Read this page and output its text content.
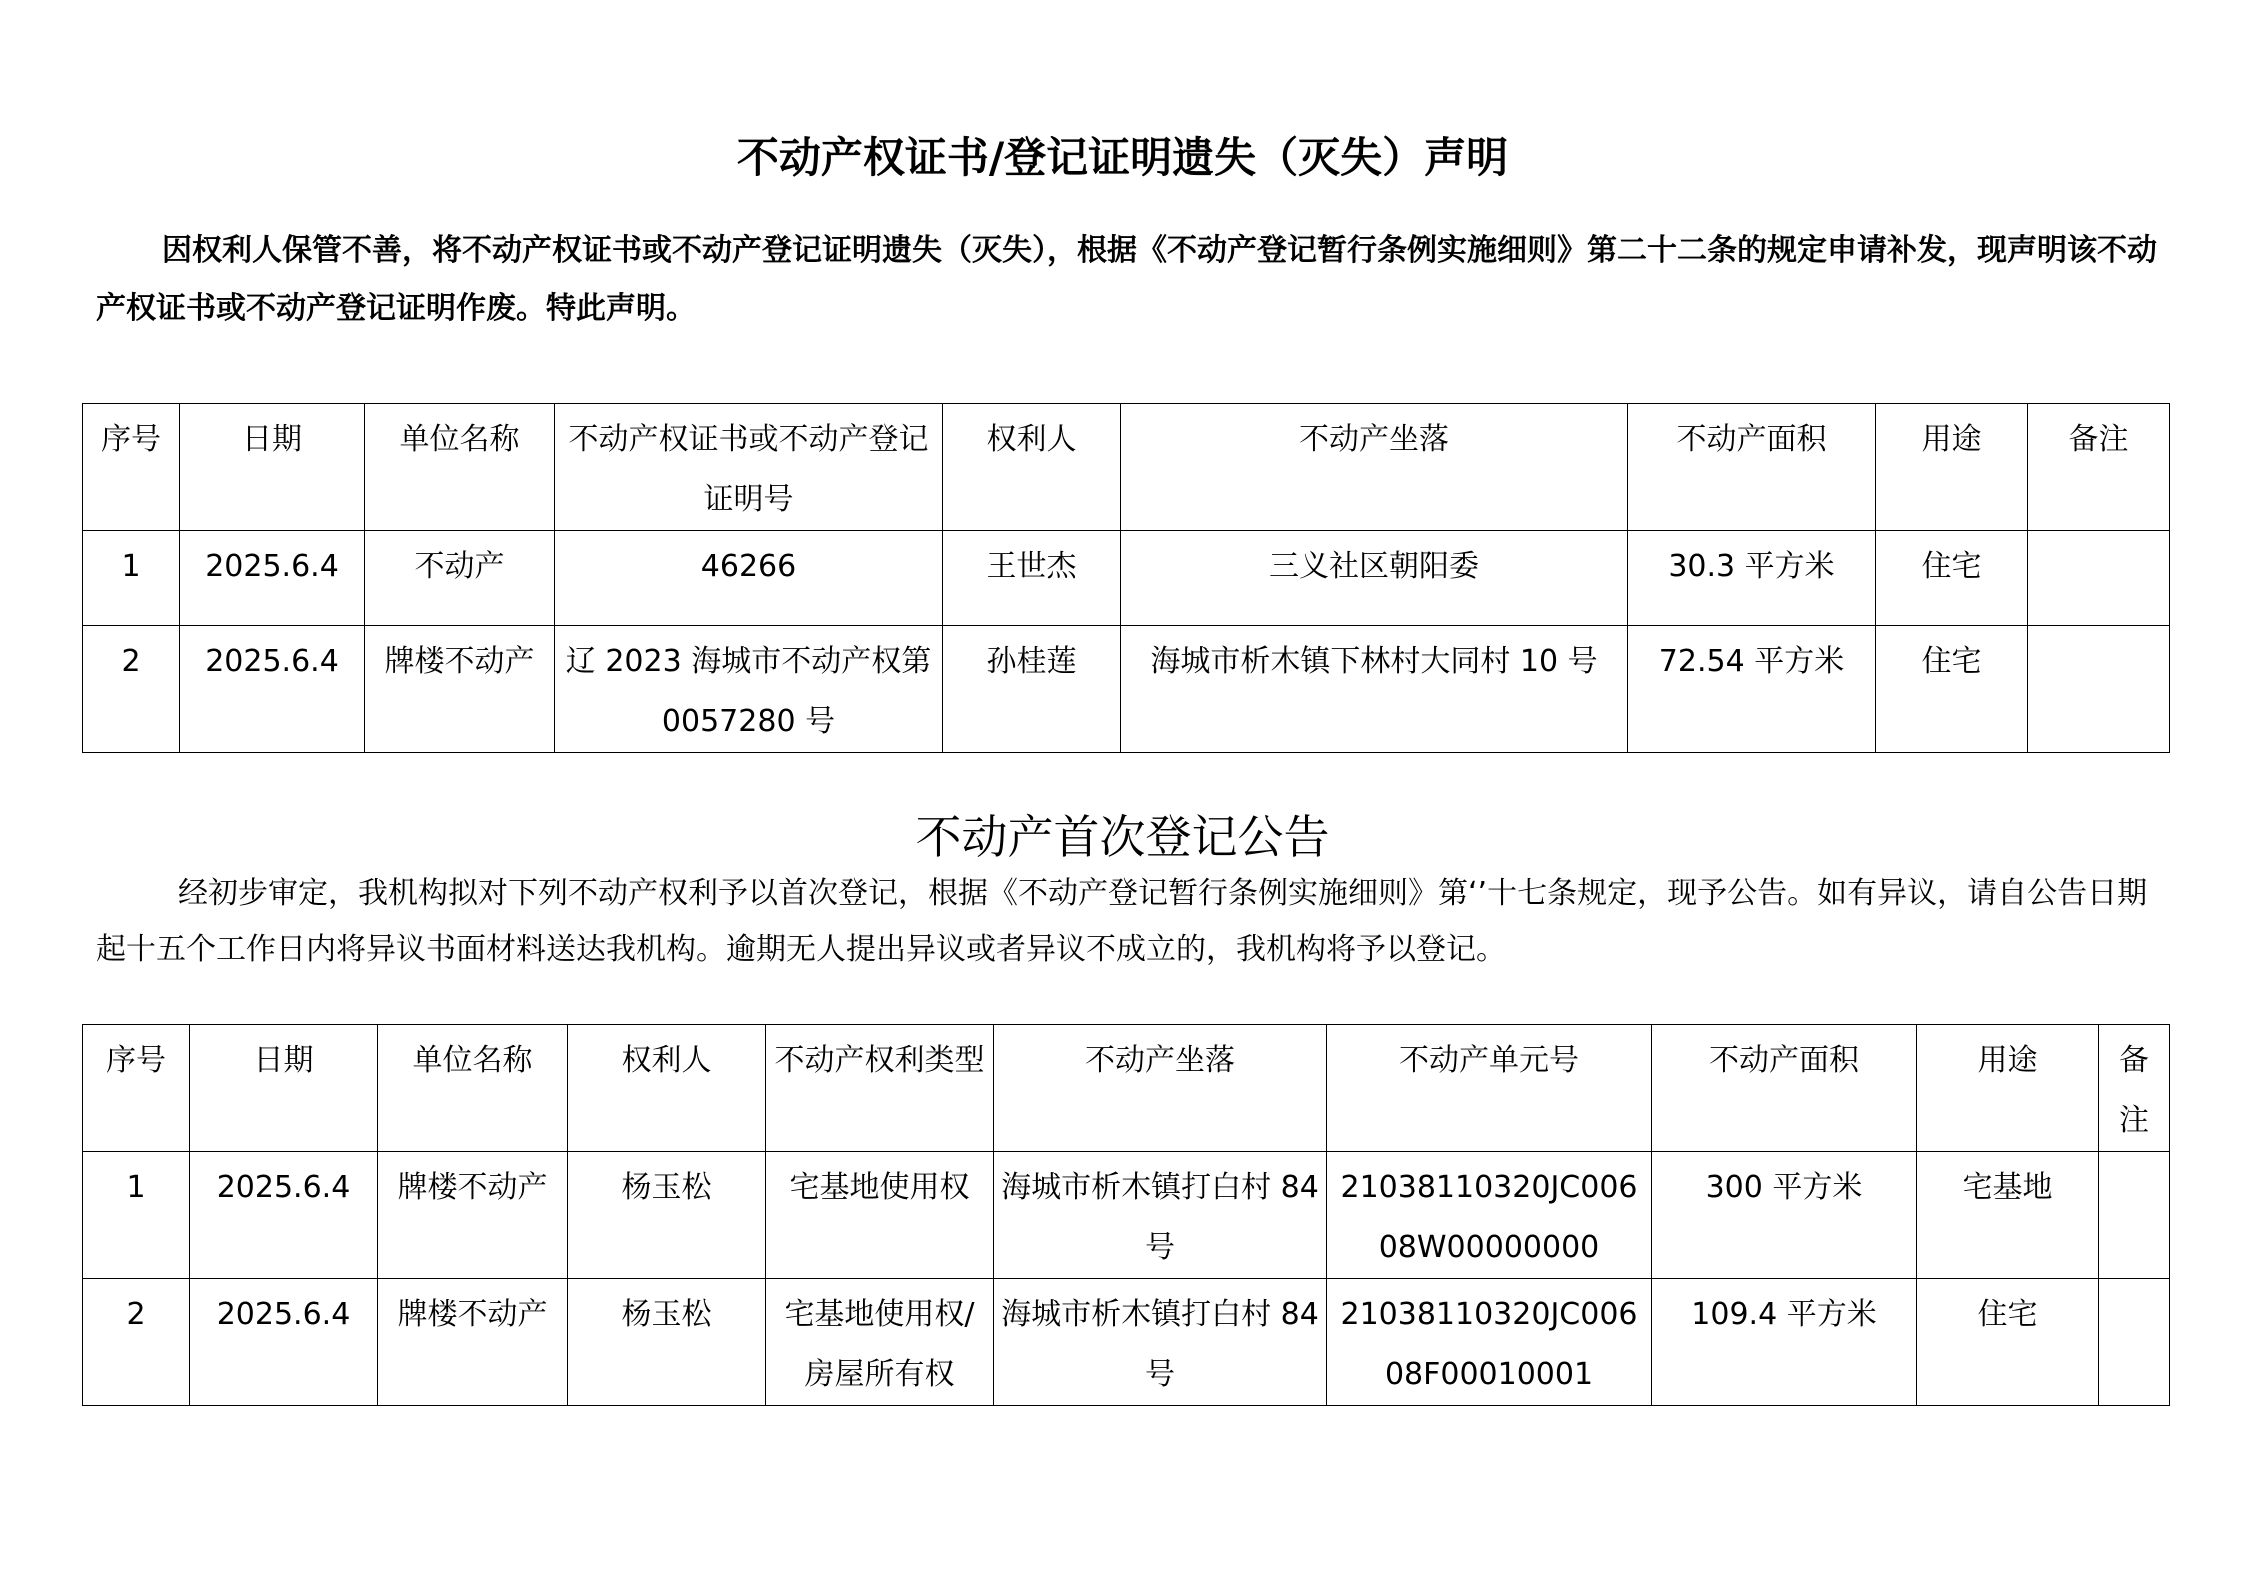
不动产权证书/登记证明遗失（灭失）声明

因权利人保管不善，将不动产权证书或不动产登记证明遗失（灭失），根据《不动产登记暂行条例实施细则》第二十二条的规定申请补发，现声明该不动产权证书或不动产登记证明作废。特此声明。

序号	日期	单位名称	不动产权证书或不动产登记证明号	权利人	不动产坐落	不动产面积	用途	备注
1	2025.6.4	不动产	46266	王世杰	三义社区朝阳委	30.3 平方米	住宅	
2	2025.6.4	牌楼不动产	辽 2023 海城市不动产权第 0057280 号	孙桂莲	海城市析木镇下林村大同村 10 号	72.54 平方米	住宅	
不动产首次登记公告

经初步审定，我机构拟对下列不动产权利予以首次登记，根据《不动产登记暂行条例实施细则》第‘’十七条规定，现予公告。如有异议，请自公告日期起十五个工作日内将异议书面材料送达我机构。逾期无人提出异议或者异议不成立的，我机构将予以登记。

序号	日期	单位名称	权利人	不动产权利类型	不动产坐落	不动产单元号	不动产面积	用途	备注
1	2025.6.4	牌楼不动产	杨玉松	宅基地使用权	海城市析木镇打白村 84 号	21038110320JC00608W00000000	300 平方米	宅基地	
2	2025.6.4	牌楼不动产	杨玉松	宅基地使用权/房屋所有权	海城市析木镇打白村 84 号	21038110320JC00608F00010001	109.4 平方米	住宅	
